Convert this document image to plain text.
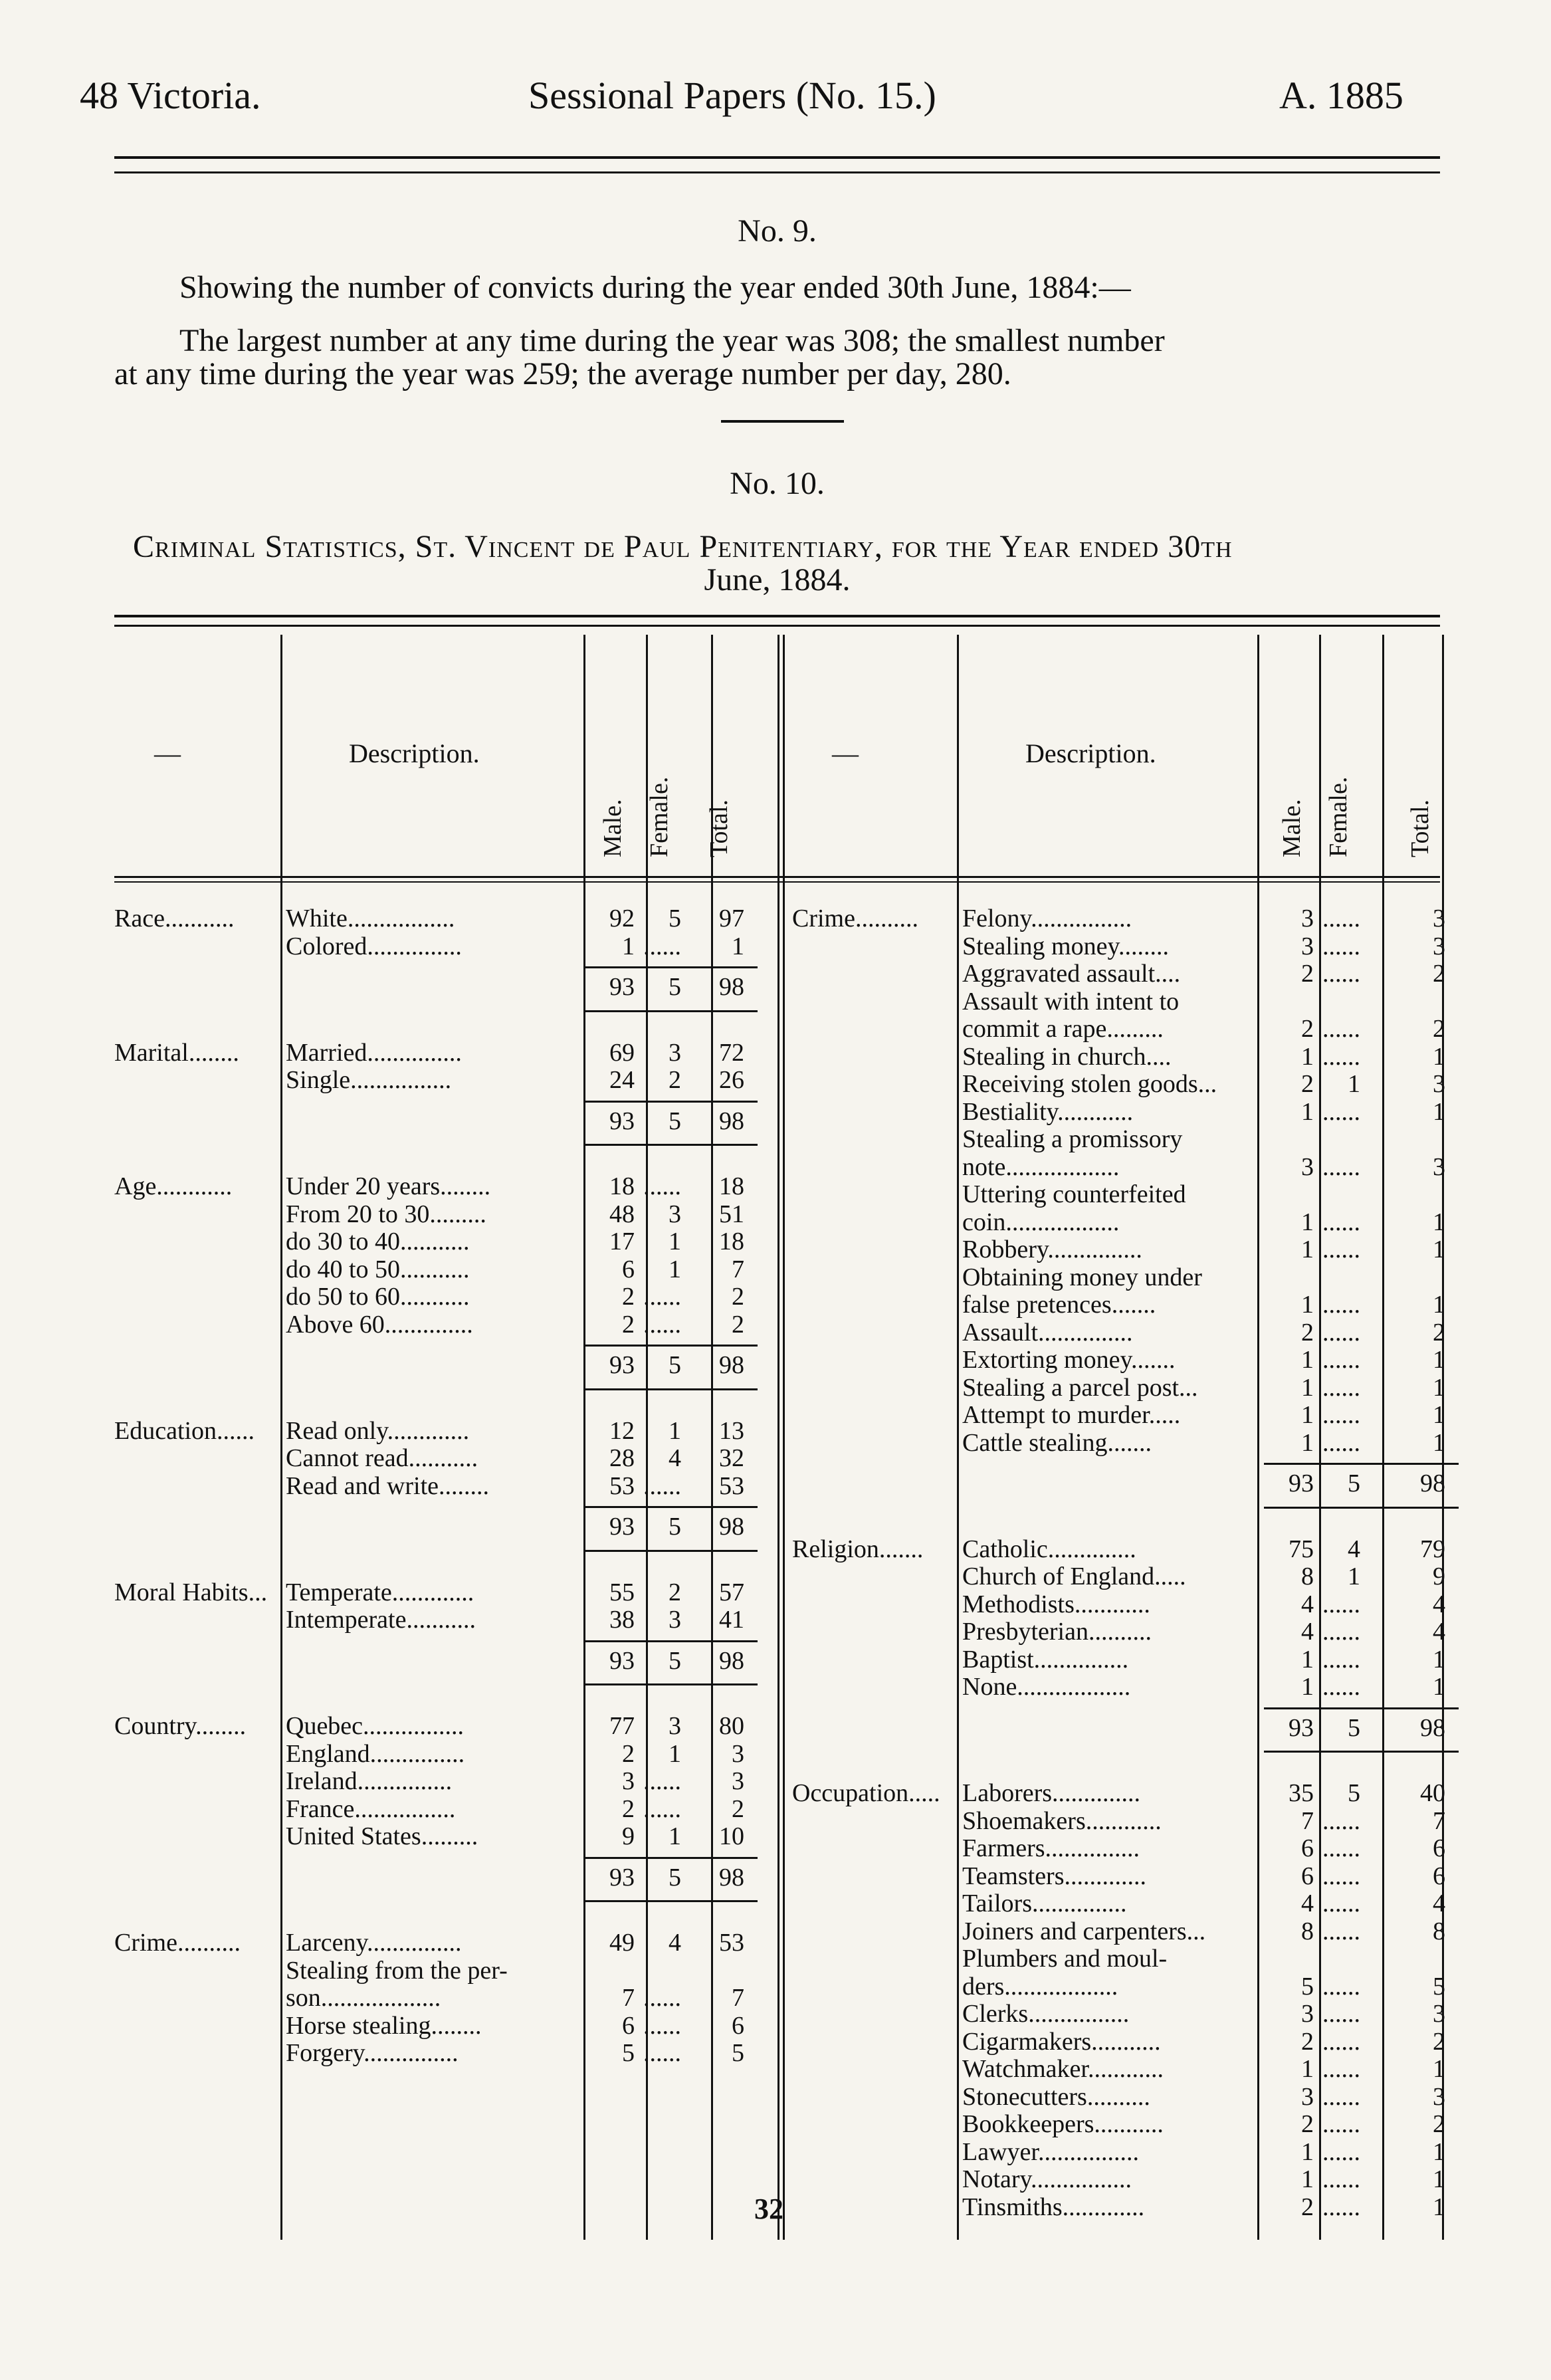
48 Victoria.	Sessional Papers (No. 15.)	A. 1885
No. 9.
Showing the number of convicts during the year ended 30th June, 1884:—
The largest number at any time during the year was 308; the smallest number
at any time during the year was 259; the average number per day, 280.
No. 10.
Criminal Statistics, St. Vincent de Paul Penitentiary, for the Year ended 30th
June, 1884.
—	Description.
Male. Female. Total.
—	Description.
Male. Female. Total.
Race........... White.................	92	5	97
Colored...............	1 ......	1
93	5	98
Marital........ Married...............	69	3	72
Single................	24	2	26
93	5	98
Age............ Under 20 years........	18 ......	18
From 20 to 30.........	48	3	51
do 30 to 40...........	17	1	18
do 40 to 50...........	6	1	7
do 50 to 60...........	2 ......	2
Above 60..............	2 ......	2
93	5	98
Education...... Read only.............	12	1	13
Cannot read...........	28	4	32
Read and write........	53 ......	53
93	5	98
Moral Habits... Temperate.............	55	2	57
Intemperate...........	38	3	41
93	5	98
Country........ Quebec................	77	3	80
England...............	2	1	3
Ireland...............	3 ......	3
France................	2 ......	2
United States.........	9	1	10
93	5	98
Crime.......... Larceny...............	49	4	53
Stealing from the per-
son...................	7 ......	7
Horse stealing........	6 ......	6
Forgery...............	5 ......	5
Crime.......... Felony................	3 ......	3
Stealing money........	3 ......	3
Aggravated assault....	2 ......	2
Assault with intent to
commit a rape.........	2 ......	2
Stealing in church....	1 ......	1
Receiving stolen goods...	2	1	3
Bestiality............	1 ......	1
Stealing a promissory
note..................	3 ......	3
Uttering counterfeited
coin..................	1 ......	1
Robbery...............	1 ......	1
Obtaining money under
false pretences.......	1 ......	1
Assault...............	2 ......	2
Extorting money.......	1 ......	1
Stealing a parcel post...	1 ......	1
Attempt to murder.....	1 ......	1
Cattle stealing.......	1 ......	1
93	5	98
Religion....... Catholic..............	75	4	79
Church of England.....	8	1	9
Methodists............	4 ......	4
Presbyterian..........	4 ......	4
Baptist...............	1 ......	1
None..................	1 ......	1
93	5	98
Occupation..... Laborers..............	35	5	40
Shoemakers............	7 ......	7
Farmers...............	6 ......	6
Teamsters.............	6 ......	6
Tailors...............	4 ......	4
Joiners and carpenters...	8 ......	8
Plumbers and moul-
ders..................	5 ......	5
Clerks................	3 ......	3
Cigarmakers...........	2 ......	2
Watchmaker............	1 ......	1
Stonecutters..........	3 ......	3
Bookkeepers...........	2 ......	2
Lawyer................	1 ......	1
Notary................	1 ......	1
Tinsmiths.............	2 ......	1
32
